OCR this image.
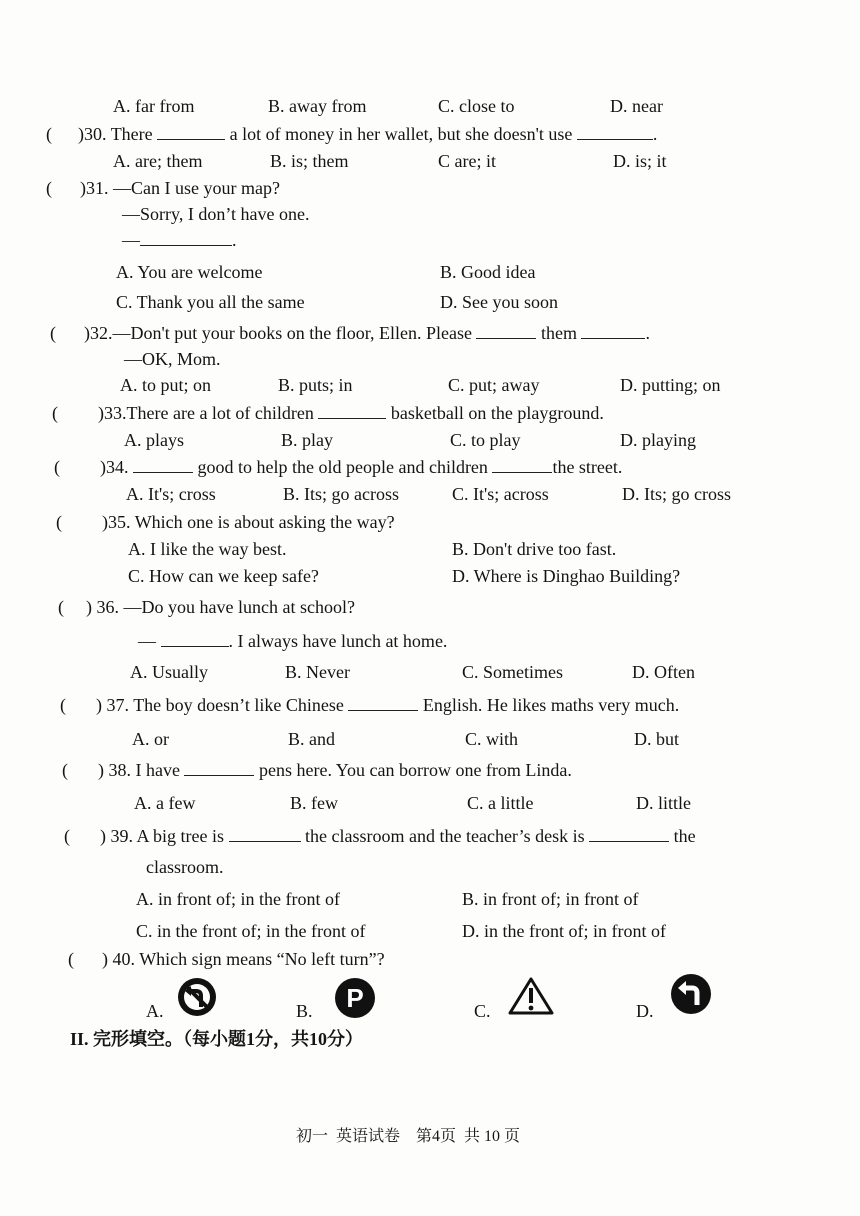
A. far from	B. away from	C. close to	D. near
( )30. There	a lot of money in her wallet, but she doesn't use	.
A. are; them	B. is; them	C are; it	D. is; it
( )31. —Can I use your map?
—Sorry, I don’t have one.
—	.
A. You are welcome	B. Good idea
C. Thank you all the same	D. See you soon
( )32.—Don't put your books on the floor, Ellen. Please	them	.
—OK, Mom.
A. to put; on	B. puts; in	C. put; away	D. putting; on
( )33.There are a lot of children	basketball on the playground.
A. plays	B. play	C. to play	D. playing
( )34.	good to help the old people and children	the street.
A. It's; cross	B. Its; go across	C. It's; across	D. Its; go cross
( )35. Which one is about asking the way?
A. I like the way best.	B. Don't drive too fast.
C. How can we keep safe?	D. Where is Dinghao Building?
( ) 36. —Do you have lunch at school?
—	. I always have lunch at home.
A. Usually	B. Never	C. Sometimes	D. Often
( ) 37. The boy doesn’t like Chinese	English. He likes maths very much.
A. or	B. and	C. with	D. but
( ) 38. I have	pens here. You can borrow one from Linda.
A. a few	B. few	C. a little	D. little
( ) 39. A big tree is	the classroom and the teacher’s desk is	the
classroom.
A. in front of; in the front of	B. in front of; in front of
C. in the front of; in the front of	D. in the front of; in front of
( ) 40. Which sign means “No left turn”?
A.	B. P	C.	D.
II. 完形填空。（每小题1分，共10分）
初一  英语试卷    第4页  共 10 页
